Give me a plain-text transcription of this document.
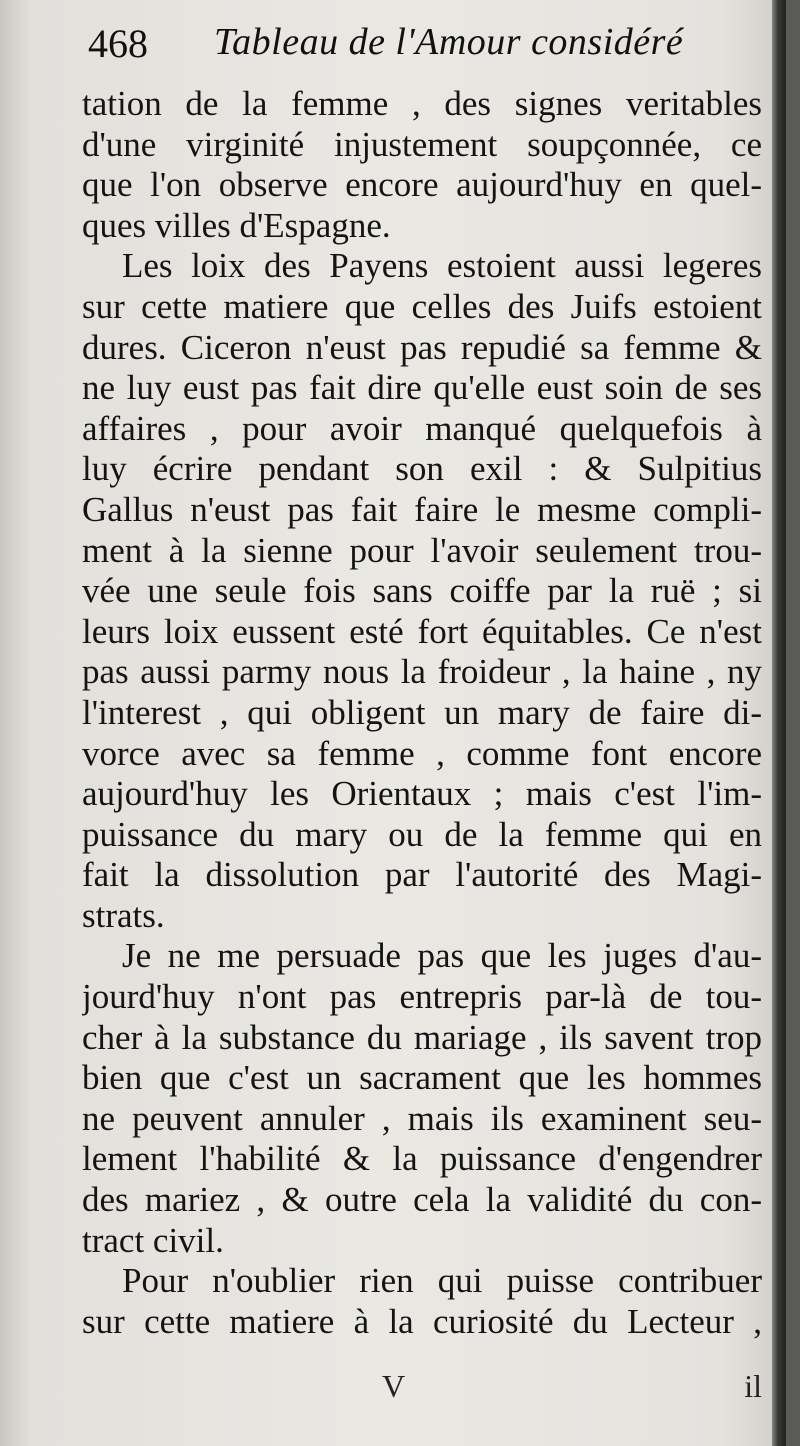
468 Tableau de l'Amour considéré
tation de la femme , des signes veritables
d'une virginité injustement soupçonnée, ce
que l'on observe encore aujourd'huy en quel-
ques villes d'Espagne.
Les loix des Payens estoient aussi legeres
sur cette matiere que celles des Juifs estoient
dures. Ciceron n'eust pas repudié sa femme &
ne luy eust pas fait dire qu'elle eust soin de ses
affaires , pour avoir manqué quelquefois à
luy écrire pendant son exil : & Sulpitius
Gallus n'eust pas fait faire le mesme compli-
ment à la sienne pour l'avoir seulement trou-
vée une seule fois sans coiffe par la ruë ; si
leurs loix eussent esté fort équitables. Ce n'est
pas aussi parmy nous la froideur , la haine , ny
l'interest , qui obligent un mary de faire di-
vorce avec sa femme , comme font encore
aujourd'huy les Orientaux ; mais c'est l'im-
puissance du mary ou de la femme qui en
fait la dissolution par l'autorité des Magi-
strats.
Je ne me persuade pas que les juges d'au-
jourd'huy n'ont pas entrepris par-là de tou-
cher à la substance du mariage , ils savent trop
bien que c'est un sacrament que les hommes
ne peuvent annuler , mais ils examinent seu-
lement l'habilité & la puissance d'engendrer
des mariez , & outre cela la validité du con-
tract civil.
Pour n'oublier rien qui puisse contribuer
sur cette matiere à la curiosité du Lecteur ,
V	il
